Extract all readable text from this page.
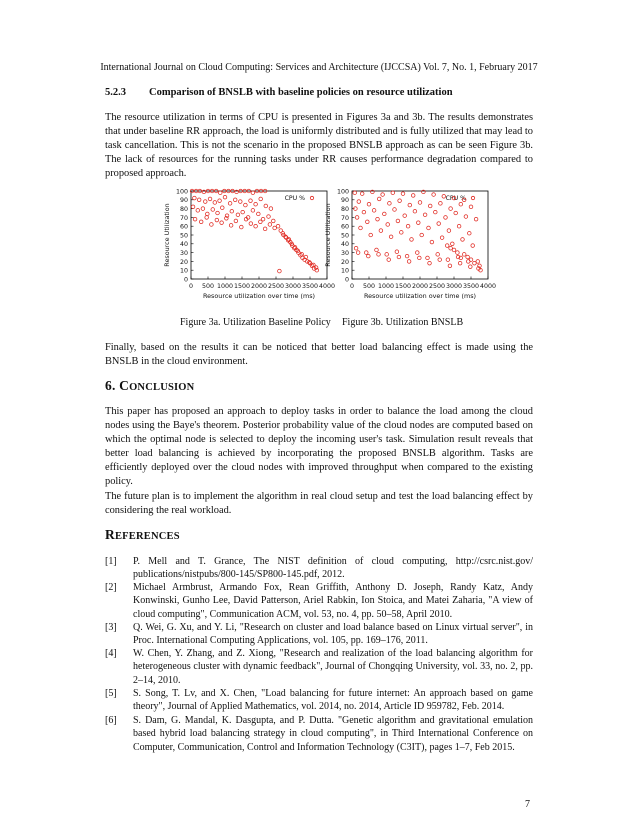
International Journal on Cloud Computing: Services and Architecture (IJCCSA) Vol. 7, No. 1, February 2017
5.2.3 Comparison of BNSLB with baseline policies on resource utilization

The resource utilization in terms of CPU is presented in Figures 3a and 3b. The results demonstrates that under baseline RR approach, the load is uniformly distributed and is fully utilized that may lead to task cancellation. This is not the scenario in the proposed BNSLB approach as can be seen Figure 3b. The lack of resources for the running tasks under RR causes performance degradation compared to proposed approach.

0
10
20
30
40
50
60
70
80
90
100
0 500 1000 1500 2000 2500 3000 3500 4000
Resource utilization over time (ms)
Resource Utilization
CPU %
0
10
20
30
40
50
60
70
80
90
100
0 500 1000 1500 2000 2500 3000 3500 4000
Resource utilization over time (ms)
Resource Utilization
CPU %
Figure 3a. Utilization Baseline Policy Figure 3b. Utilization BNSLB

Finally, based on the results it can be noticed that better load balancing effect is made using the BNSLB in the cloud environment.

6. CONCLUSION

This paper has proposed an approach to deploy tasks in order to balance the load among the cloud nodes using the Baye's theorem. Posterior probability value of the cloud nodes are computed based on which the optimal node is selected to deploy the incoming user's task. Simulation result reveals that better load balancing is achieved by incorporating the proposed BNSLB algorithm. Tasks are efficiently deployed over the cloud nodes with improved throughput when compared to the existing policy.

The future plan is to implement the algorithm in real cloud setup and test the load balancing effect by considering the real workload.

REFERENCES
[1] P. Mell and T. Grance, The NIST definition of cloud computing, http://csrc.nist.gov/ publications/nistpubs/800-145/SP800-145.pdf, 2012.
[2] Michael Armbrust, Armando Fox, Rean Griffith, Anthony D. Joseph, Randy Katz, Andy Konwinski, Gunho Lee, David Patterson, Ariel Rabkin, Ion Stoica, and Matei Zaharia, "A view of cloud computing", Communication ACM, vol. 53, no. 4, pp. 50–58, April 2010.
[3] Q. Wei, G. Xu, and Y. Li, "Research on cluster and load balance based on Linux virtual server", in Proc. International Computing Applications, vol. 105, pp. 169–176, 2011.
[4] W. Chen, Y. Zhang, and Z. Xiong, "Research and realization of the load balancing algorithm for heterogeneous cluster with dynamic feedback", Journal of Chongqing University, vol. 33, no. 2, pp. 2–14, 2010.
[5] S. Song, T. Lv, and X. Chen, "Load balancing for future internet: An approach based on game theory", Journal of Applied Mathematics, vol. 2014, no. 2014, Article ID 959782, Feb. 2014.
[6] S. Dam, G. Mandal, K. Dasgupta, and P. Dutta. "Genetic algorithm and gravitational emulation based hybrid load balancing strategy in cloud computing", in Third International Conference on Computer, Communication, Control and Information Technology (C3IT), pages 1–7, Feb 2015.
7
